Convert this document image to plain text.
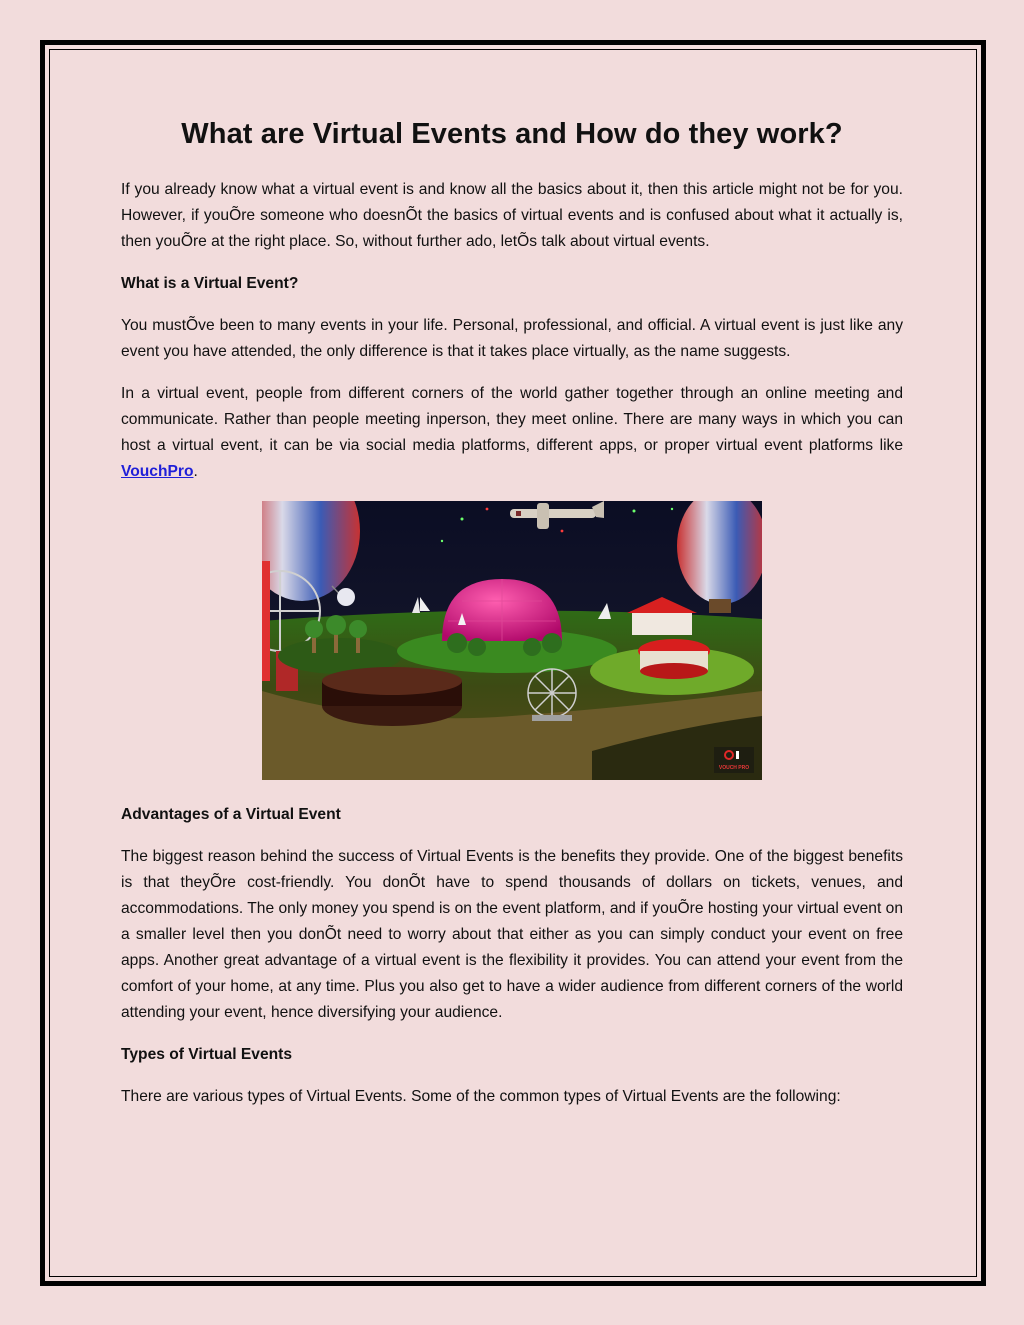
What are Virtual Events and How do they work?

If you already know what a virtual event is and know all the basics about it, then this article might not be for you. However, if youÕre someone who doesnÕt the basics of virtual events and is confused about what it actually is, then youÕre at the right place. So, without further ado, letÕs talk about virtual events.

What is a Virtual Event?

You mustÕve been to many events in your life. Personal, professional, and official. A virtual event is just like any event you have attended, the only difference is that it takes place virtually, as the name suggests.

In a virtual event, people from different corners of the world gather together through an online meeting and communicate. Rather than people meeting inperson, they meet online. There are many ways in which you can host a virtual event, it can be via social media platforms, different apps, or proper virtual event platforms like VouchPro.

VOUCH PRO
Advantages of a Virtual Event

The biggest reason behind the success of Virtual Events is the benefits they provide. One of the biggest benefits is that theyÕre cost-friendly. You donÕt have to spend thousands of dollars on tickets, venues, and accommodations. The only money you spend is on the event platform, and if youÕre hosting your virtual event on a smaller level then you donÕt need to worry about that either as you can simply conduct your event on free apps. Another great advantage of a virtual event is the flexibility it provides. You can attend your event from the comfort of your home, at any time. Plus you also get to have a wider audience from different corners of the world attending your event, hence diversifying your audience.

Types of Virtual Events

There are various types of Virtual Events. Some of the common types of Virtual Events are the following:
